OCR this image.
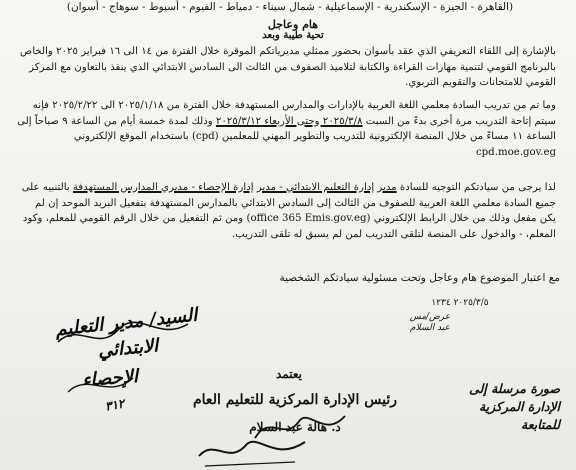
(القاهرة - الجيزة - الإسكندرية - الإسماعيلية - شمال سيناء - دمياط - الفيوم - أسيوط - سوهاج - أسوان)
هام وعاجل
تحية طيبة وبعد
بالإشارة إلى اللقاء التعريفي الذي عقد بأسوان بحضور ممثلي مديرياتكم الموقرة خلال الفترة من ١٤ الى ١٦ فبراير ٢٠٢٥ والخاص بالبرنامج القومي لتنمية مهارات القراءة والكتابة لتلاميذ الصفوف من الثالث الى السادس الابتدائي الذي ينفذ بالتعاون مع المركز القومي للامتحانات والتقويم التربوي.
وما تم من تدريب السادة معلمي اللغة العربية بالإدارات والمدارس المستهدفة خلال الفترة من ٢٠٢٥/١/١٨ الى ٢٠٢٥/٢/٢٢ فإنه سيتم إتاحة التدريب مرة أخرى بدءً من السبت ٢٠٢٥/٣/٨ وحتى الأربعاء ٢٠٢٥/٣/١٢ وذلك لمدة خمسة أيام من الساعة ٩ صباحاً إلى الساعة ١١ مساءً من خلال المنصة الإلكترونية للتدريب والتطوير المهني للمعلمين (cpd) باستخدام الموقع الإلكتروني cpd.moe.gov.eg
لذا يرجى من سيادتكم التوجيه للسادة مدير إدارة التعليم الابتدائي - مدير إدارة الإحصاء - مديري المدارس المستهدفة بالتنبيه على جميع السادة معلمي اللغة العربية للصفوف من الثالث إلى السادس الابتدائي بالمدارس المستهدفة بتفعيل البريد الموحد إن لم يكن مفعل وذلك من خلال الرابط الإلكتروني (office 365 Emis.gov.eg) ومن ثم التفعيل من خلال الرقم القومي للمعلم، وكود المعلم، - والدخول على المنصة لتلقى التدريب لمن لم يسبق له تلقى التدريب.
مع اعتبار الموضوع هام وعاجل وتحت مسئولية سيادتكم الشخصية
٢٠٢٥/٣/٥ ١٢٣٤
عرض/مس
عبد السلام
السيد/ مدير التعليم
الابتدائي
الإحصاء
٣١٢
يعتمد
رئيس الإدارة المركزية للتعليم العام
د. هالة عبد السلام
صورة مرسلة إلى
الإدارة المركزية
للمتابعة
